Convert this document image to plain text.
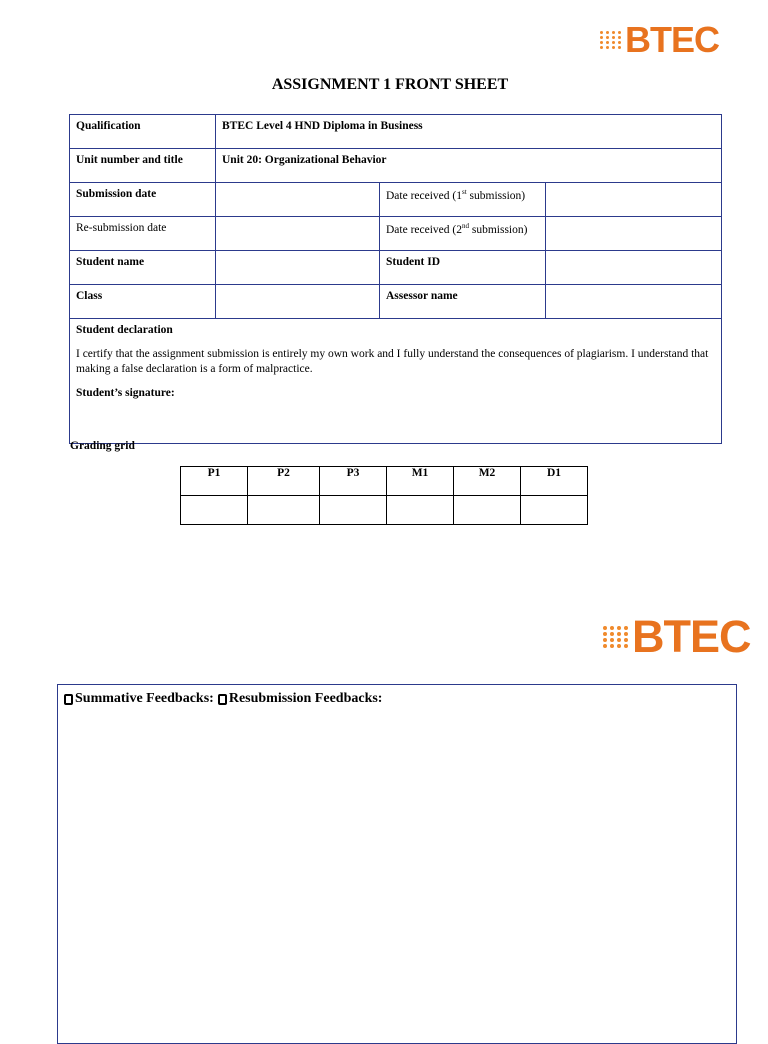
BTEC
ASSIGNMENT 1 FRONT SHEET
Qualification	BTEC Level 4 HND Diploma in Business
Unit number and title	Unit 20: Organizational Behavior
Submission date	Date received (1st submission)
Re-submission date	Date received (2nd submission)
Student name	Student ID
Class	Assessor name

Student declaration

I certify that the assignment submission is entirely my own work and I fully understand the consequences of plagiarism. I understand that making a false declaration is a form of malpractice.

Student’s signature:

Grading grid
P1	P2	P3	M1	M2	D1

BTEC
Summative Feedbacks: Resubmission Feedbacks:
